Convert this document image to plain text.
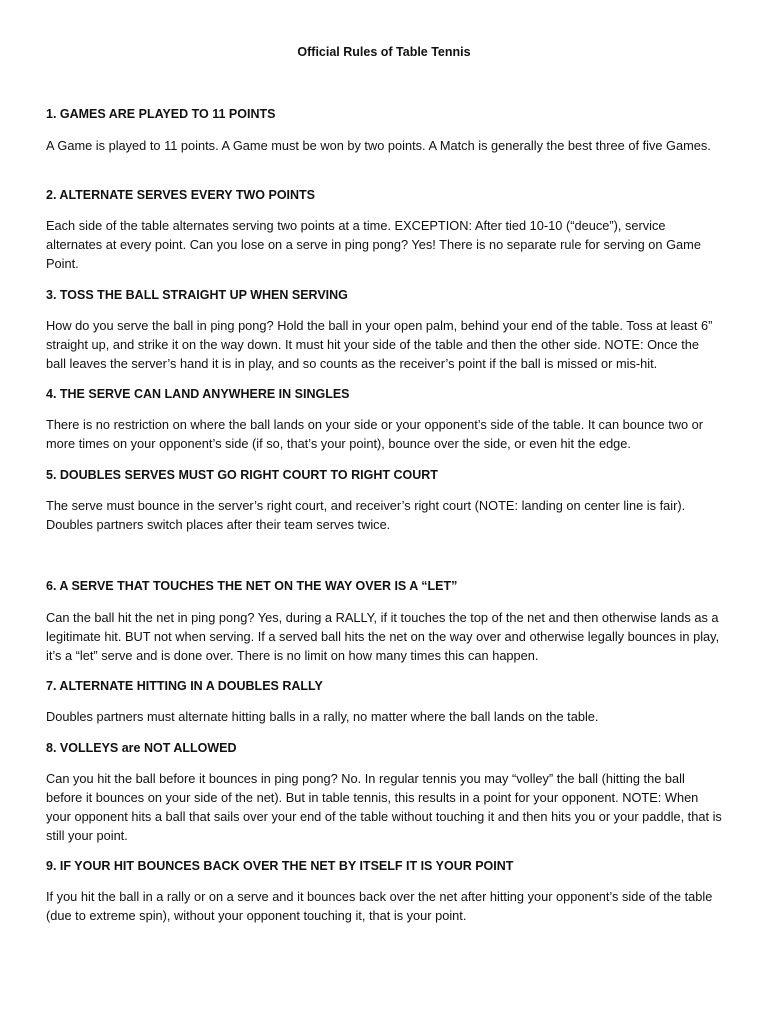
Official Rules of Table Tennis
1. GAMES ARE PLAYED TO 11 POINTS

A Game is played to 11 points. A Game must be won by two points. A Match is generally the best three of five Games.

2. ALTERNATE SERVES EVERY TWO POINTS

Each side of the table alternates serving two points at a time. EXCEPTION: After tied 10-10 (“deuce”), service alternates at every point. Can you lose on a serve in ping pong? Yes! There is no separate rule for serving on Game Point.

3. TOSS THE BALL STRAIGHT UP WHEN SERVING

How do you serve the ball in ping pong? Hold the ball in your open palm, behind your end of the table. Toss at least 6” straight up, and strike it on the way down. It must hit your side of the table and then the other side. NOTE: Once the ball leaves the server’s hand it is in play, and so counts as the receiver’s point if the ball is missed or mis-hit.

4. THE SERVE CAN LAND ANYWHERE IN SINGLES

There is no restriction on where the ball lands on your side or your opponent’s side of the table. It can bounce two or more times on your opponent’s side (if so, that’s your point), bounce over the side, or even hit the edge.

5. DOUBLES SERVES MUST GO RIGHT COURT TO RIGHT COURT

The serve must bounce in the server’s right court, and receiver’s right court (NOTE: landing on center line is fair). Doubles partners switch places after their team serves twice.

6. A SERVE THAT TOUCHES THE NET ON THE WAY OVER IS A “LET”

Can the ball hit the net in ping pong? Yes, during a RALLY, if it touches the top of the net and then otherwise lands as a legitimate hit. BUT not when serving. If a served ball hits the net on the way over and otherwise legally bounces in play, it’s a “let” serve and is done over. There is no limit on how many times this can happen.

7. ALTERNATE HITTING IN A DOUBLES RALLY

Doubles partners must alternate hitting balls in a rally, no matter where the ball lands on the table.

8. VOLLEYS are NOT ALLOWED

Can you hit the ball before it bounces in ping pong? No. In regular tennis you may “volley” the ball (hitting the ball before it bounces on your side of the net). But in table tennis, this results in a point for your opponent. NOTE: When your opponent hits a ball that sails over your end of the table without touching it and then hits you or your paddle, that is still your point.

9. IF YOUR HIT BOUNCES BACK OVER THE NET BY ITSELF IT IS YOUR POINT

If you hit the ball in a rally or on a serve and it bounces back over the net after hitting your opponent’s side of the table (due to extreme spin), without your opponent touching it, that is your point.
